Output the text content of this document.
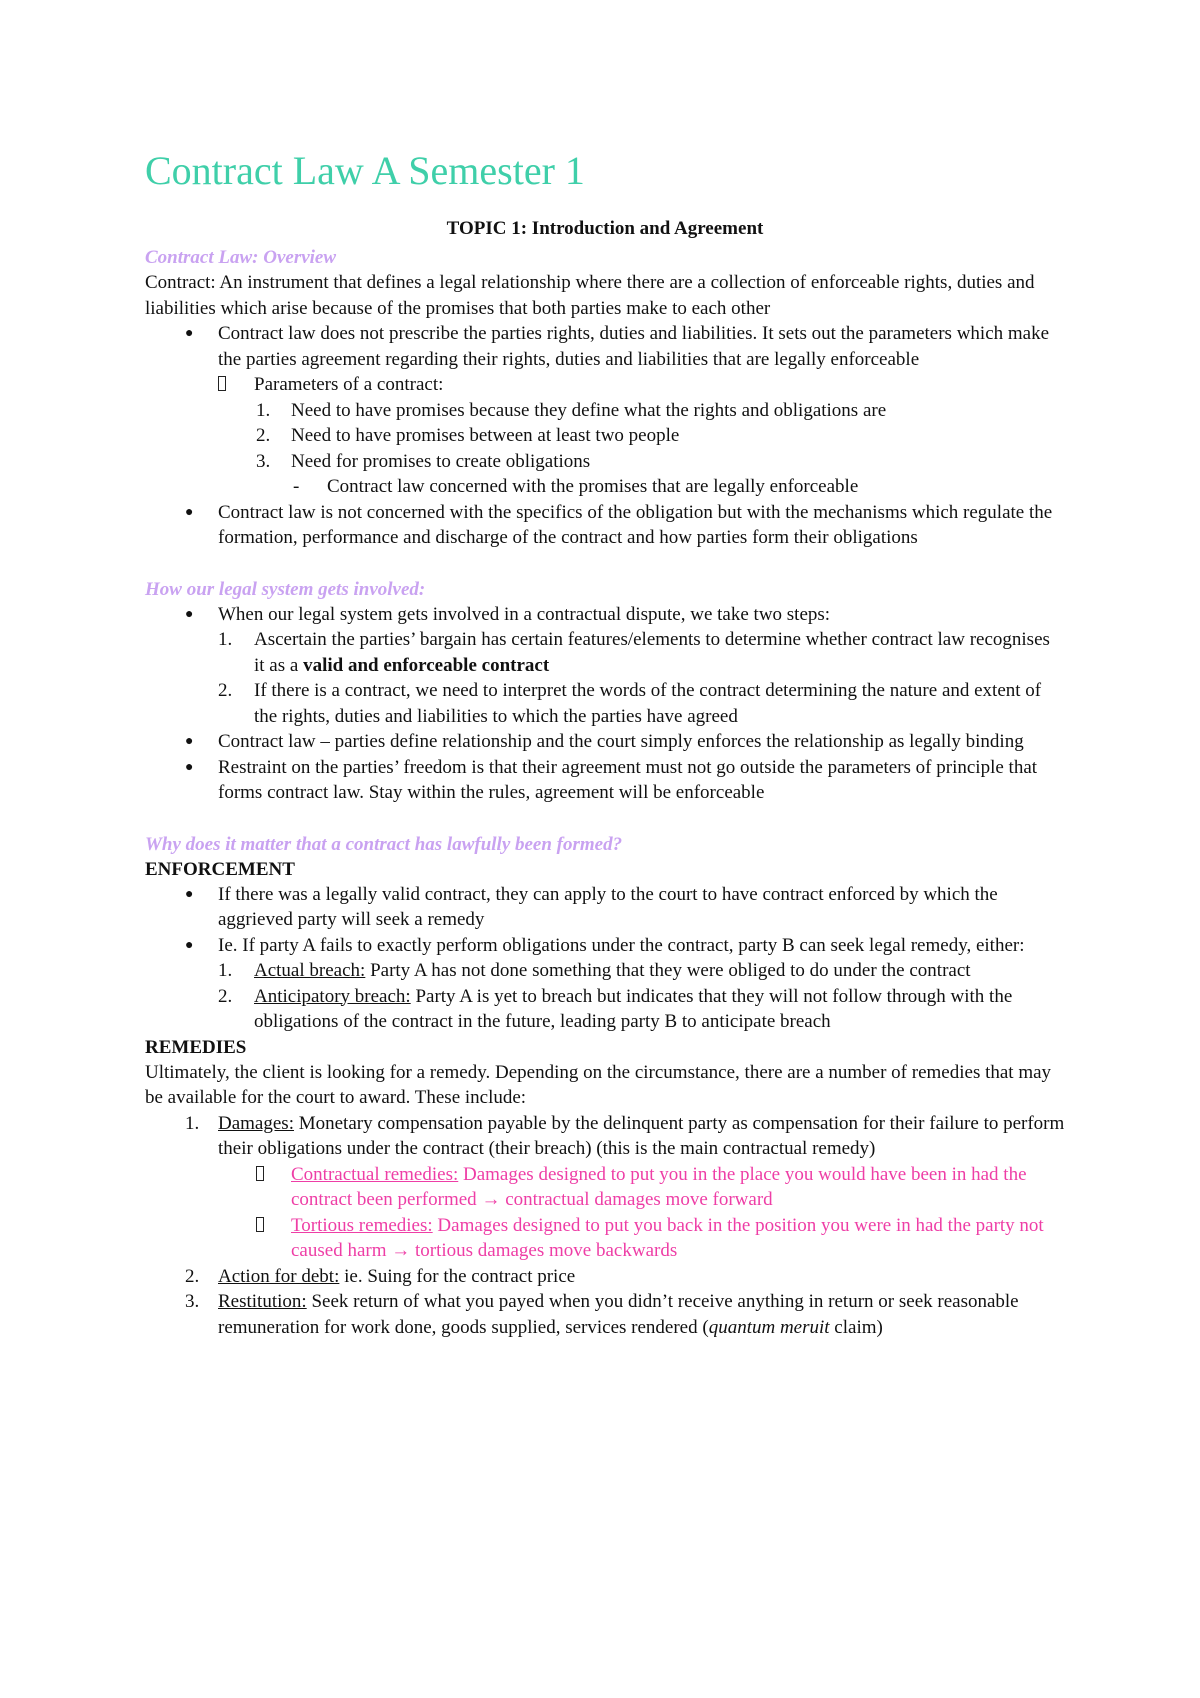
Contract Law A Semester 1

TOPIC 1: Introduction and Agreement

Contract Law: Overview

Contract: An instrument that defines a legal relationship where there are a collection of enforceable rights, duties and liabilities which arise because of the promises that both parties make to each other

● Contract law does not prescribe the parties rights, duties and liabilities. It sets out the parameters which make the parties agreement regarding their rights, duties and liabilities that are legally enforceable
Parameters of a contract:
1. Need to have promises because they define what the rights and obligations are
2. Need to have promises between at least two people
3. Need for promises to create obligations
- Contract law concerned with the promises that are legally enforceable
● Contract law is not concerned with the specifics of the obligation but with the mechanisms which regulate the formation, performance and discharge of the contract and how parties form their obligations

How our legal system gets involved:

● When our legal system gets involved in a contractual dispute, we take two steps:
1. Ascertain the parties’ bargain has certain features/elements to determine whether contract law recognises it as a valid and enforceable contract
2. If there is a contract, we need to interpret the words of the contract determining the nature and extent of the rights, duties and liabilities to which the parties have agreed
● Contract law – parties define relationship and the court simply enforces the relationship as legally binding
● Restraint on the parties’ freedom is that their agreement must not go outside the parameters of principle that forms contract law. Stay within the rules, agreement will be enforceable

Why does it matter that a contract has lawfully been formed?

ENFORCEMENT

● If there was a legally valid contract, they can apply to the court to have contract enforced by which the aggrieved party will seek a remedy
● Ie. If party A fails to exactly perform obligations under the contract, party B can seek legal remedy, either:
1. Actual breach: Party A has not done something that they were obliged to do under the contract
2. Anticipatory breach: Party A is yet to breach but indicates that they will not follow through with the obligations of the contract in the future, leading party B to anticipate breach

REMEDIES

Ultimately, the client is looking for a remedy. Depending on the circumstance, there are a number of remedies that may be available for the court to award. These include:

1. Damages: Monetary compensation payable by the delinquent party as compensation for their failure to perform their obligations under the contract (their breach) (this is the main contractual remedy)
Contractual remedies: Damages designed to put you in the place you would have been in had the contract been performed → contractual damages move forward
Tortious remedies: Damages designed to put you back in the position you were in had the party not caused harm → tortious damages move backwards
2. Action for debt: ie. Suing for the contract price
3. Restitution: Seek return of what you payed when you didn’t receive anything in return or seek reasonable remuneration for work done, goods supplied, services rendered (quantum meruit claim)
